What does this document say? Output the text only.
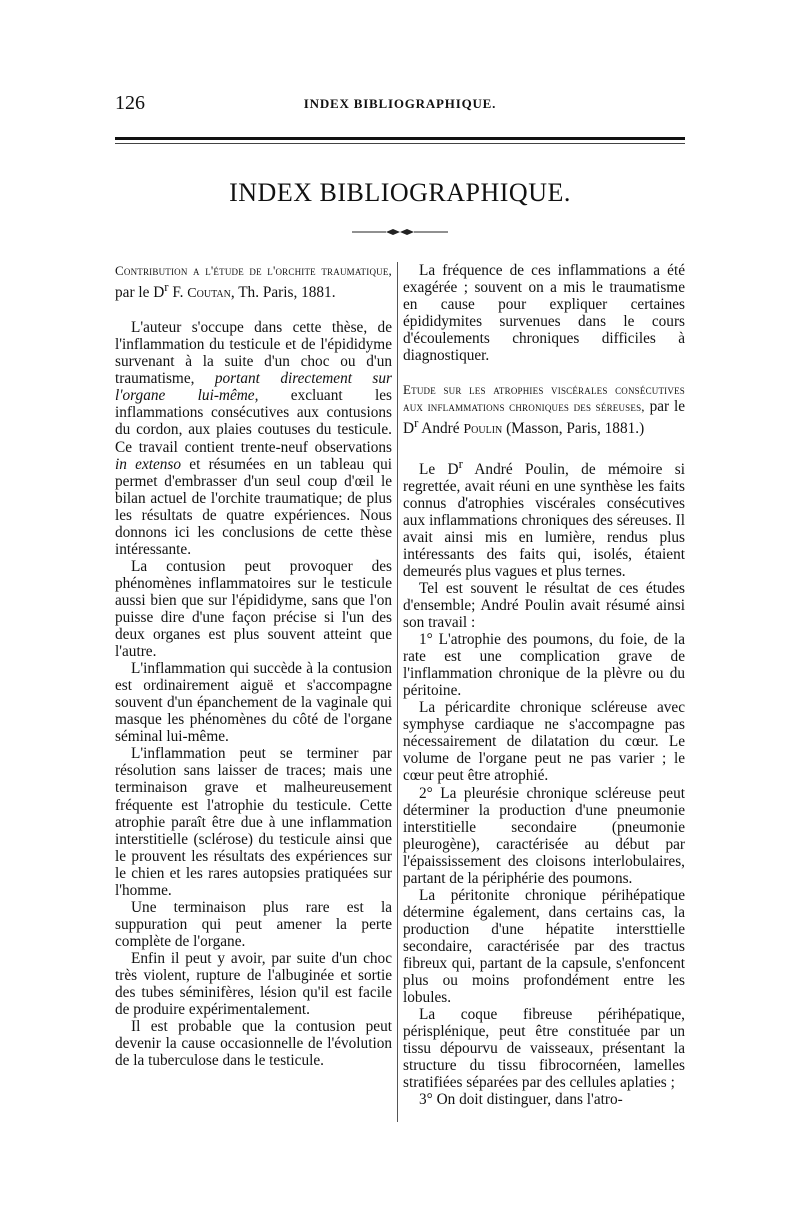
126	INDEX BIBLIOGRAPHIQUE.
INDEX BIBLIOGRAPHIQUE.
Contribution a l'étude de l'orchite traumatique, par le $D^r$ F. Coutan, Th. Paris, 1881.

L'auteur s'occupe dans cette thèse, de l'inflammation du testicule et de l'épididyme survenant à la suite d'un choc ou d'un traumatisme, portant directement sur l'organe lui-même, excluant les inflammations consécutives aux contusions du cordon, aux plaies coutuses du testicule. Ce travail contient trente-neuf observations in extenso et résumées en un tableau qui permet d'embrasser d'un seul coup d'œil le bilan actuel de l'orchite traumatique; de plus les résultats de quatre expériences. Nous donnons ici les conclusions de cette thèse intéressante.

La contusion peut provoquer des phénomènes inflammatoires sur le testicule aussi bien que sur l'épididyme, sans que l'on puisse dire d'une façon précise si l'un des deux organes est plus souvent atteint que l'autre.

L'inflammation qui succède à la contusion est ordinairement aiguë et s'accompagne souvent d'un épanchement de la vaginale qui masque les phénomènes du côté de l'organe séminal lui-même.

L'inflammation peut se terminer par résolution sans laisser de traces; mais une terminaison grave et malheureusement fréquente est l'atrophie du testicule. Cette atrophie paraît être due à une inflammation interstitielle (sclérose) du testicule ainsi que le prouvent les résultats des expériences sur le chien et les rares autopsies pratiquées sur l'homme.

Une terminaison plus rare est la suppuration qui peut amener la perte complète de l'organe.

Enfin il peut y avoir, par suite d'un choc très violent, rupture de l'albuginée et sortie des tubes séminifères, lésion qu'il est facile de produire expérimentalement.

Il est probable que la contusion peut devenir la cause occasionnelle de l'évolution de la tuberculose dans le testicule.

La fréquence de ces inflammations a été exagérée ; souvent on a mis le traumatisme en cause pour expliquer certaines épididymites survenues dans le cours d'écoulements chroniques difficiles à diagnostiquer.

Etude sur les atrophies viscérales consécutives aux inflammations chroniques des séreuses, par le $D^r$ André Poulin (Masson, Paris, 1881.)

Le $D^r$ André Poulin, de mémoire si regrettée, avait réuni en une synthèse les faits connus d'atrophies viscérales consécutives aux inflammations chroniques des séreuses. Il avait ainsi mis en lumière, rendus plus intéressants des faits qui, isolés, étaient demeurés plus vagues et plus ternes.

Tel est souvent le résultat de ces études d'ensemble; André Poulin avait résumé ainsi son travail :

1° L'atrophie des poumons, du foie, de la rate est une complication grave de l'inflammation chronique de la plèvre ou du péritoine.

La péricardite chronique scléreuse avec symphyse cardiaque ne s'accompagne pas nécessairement de dilatation du cœur. Le volume de l'organe peut ne pas varier ; le cœur peut être atrophié.

2° La pleurésie chronique scléreuse peut déterminer la production d'une pneumonie interstitielle secondaire (pneumonie pleurogène), caractérisée au début par l'épaississement des cloisons interlobulaires, partant de la périphérie des poumons.

La péritonite chronique périhépatique détermine également, dans certains cas, la production d'une hépatite intersttielle secondaire, caractérisée par des tractus fibreux qui, partant de la capsule, s'enfoncent plus ou moins profondément entre les lobules.

La coque fibreuse périhépatique, périsplénique, peut être constituée par un tissu dépourvu de vaisseaux, présentant la structure du tissu fibrocornéen, lamelles stratifiées séparées par des cellules aplaties ;

3° On doit distinguer, dans l'atro-
